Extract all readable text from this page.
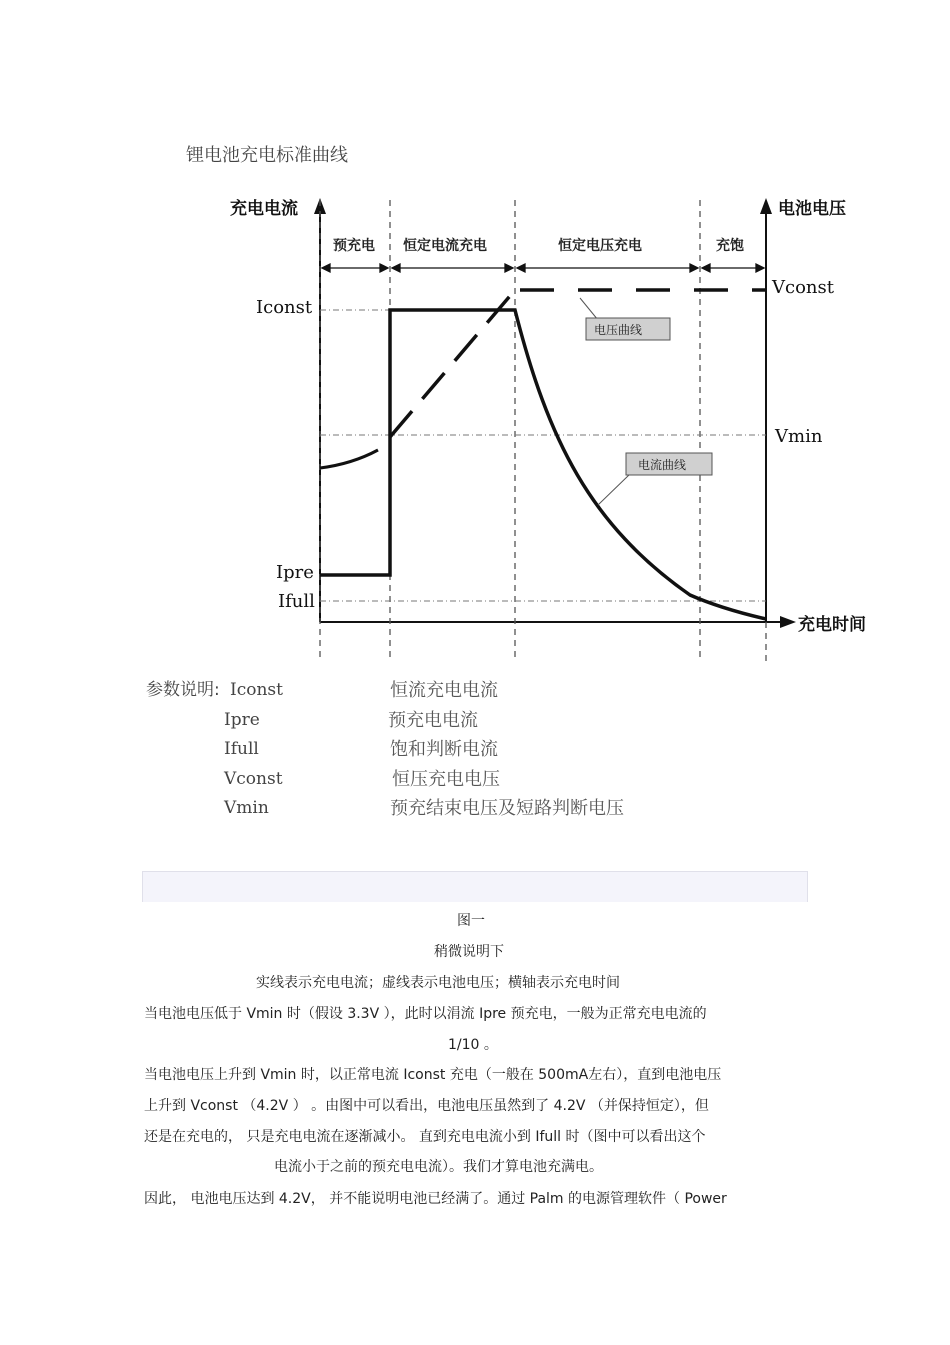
锂电池充电标准曲线
充电电流	电池电压
充电时间
预充电 恒定电流充电	恒定电压充电	充饱
Iconst
Ipre
Ifull
Vconst
Vmin
电压曲线
电流曲线
参数说明: Iconst	恒流充电电流
Ipre	预充电电流
Ifull	饱和判断电流
Vconst	恒压充电电压
Vmin	预充结束电压及短路判断电压
图一
稍微说明下
实线表示充电电流；虚线表示电池电压；横轴表示充电时间
当电池电压低于 Vmin 时（假设 3.3V ），此时以涓流 Ipre 预充电，一般为正常充电电流的
1/10 。
当电池电压上升到 Vmin 时，以正常电流 Iconst 充电（一般在 500mA左右），直到电池电压
上升到 Vconst （4.2V ） 。由图中可以看出，电池电压虽然到了 4.2V （并保持恒定），但
还是在充电的， 只是充电电流在逐渐减小。 直到充电电流小到 Ifull 时（图中可以看出这个
电流小于之前的预充电电流）。我们才算电池充满电。
因此， 电池电压达到 4.2V， 并不能说明电池已经满了。通过 Palm 的电源管理软件（ Power
